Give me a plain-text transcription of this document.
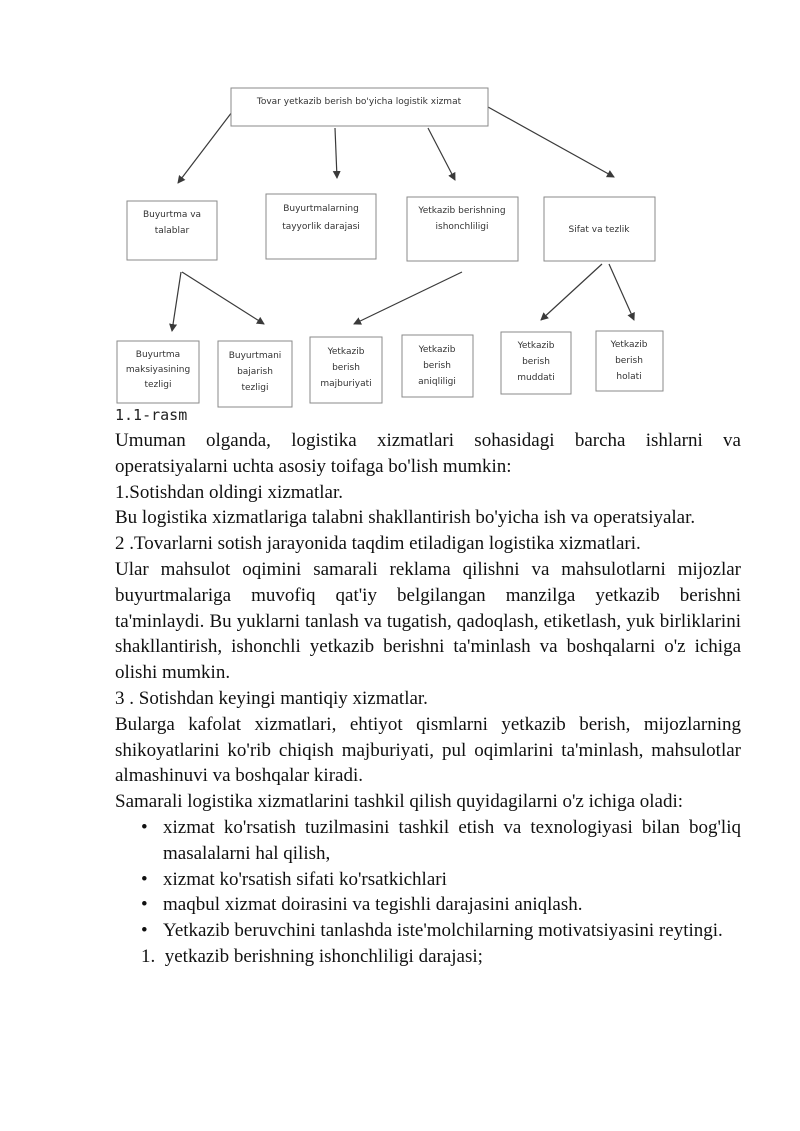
Tovar yetkazib berish bo'yicha logistik xizmat
Buyurtma va
talablar
Buyurtmalarning
tayyorlik darajasi
Yetkazib berishning
ishonchliligi	Sifat va tezlik
Buyurtma
maksiyasining
tezligi
Buyurtmani
bajarish
tezligi
Yetkazib
berish
majburiyati
Yetkazib
berish
aniqliligi
Yetkazib
berish
muddati
Yetkazib
berish
holati
1.1-rasm

Umuman olganda, logistika xizmatlari sohasidagi barcha ishlarni va operatsiyalarni uchta asosiy toifaga bo'lish mumkin:

1.Sotishdan oldingi xizmatlar.

Bu logistika xizmatlariga talabni shakllantirish bo'yicha ish va operatsiyalar.

2 .Tovarlarni sotish jarayonida taqdim etiladigan logistika xizmatlari.

Ular mahsulot oqimini samarali reklama qilishni va mahsulotlarni mijozlar buyurtmalariga muvofiq qat'iy belgilangan manzilga yetkazib berishni ta'minlaydi. Bu yuklarni tanlash va tugatish, qadoqlash, etiketlash, yuk birliklarini shakllantirish, ishonchli yetkazib berishni ta'minlash va boshqalarni o'z ichiga olishi mumkin.

3 . Sotishdan keyingi mantiqiy xizmatlar.

Bularga kafolat xizmatlari, ehtiyot qismlarni yetkazib berish, mijozlarning shikoyatlarini ko'rib chiqish majburiyati, pul oqimlarini ta'minlash, mahsulotlar almashinuvi va boshqalar kiradi.

Samarali logistika xizmatlarini tashkil qilish quyidagilarni o'z ichiga oladi:

• xizmat ko'rsatish tuzilmasini tashkil etish va texnologiyasi bilan bog'liq masalalarni hal qilish,
• xizmat ko'rsatish sifati ko'rsatkichlari
• maqbul xizmat doirasini va tegishli darajasini aniqlash.
• Yetkazib beruvchini tanlashda iste'molchilarning motivatsiyasini reytingi.
1. yetkazib berishning ishonchliligi darajasi;
